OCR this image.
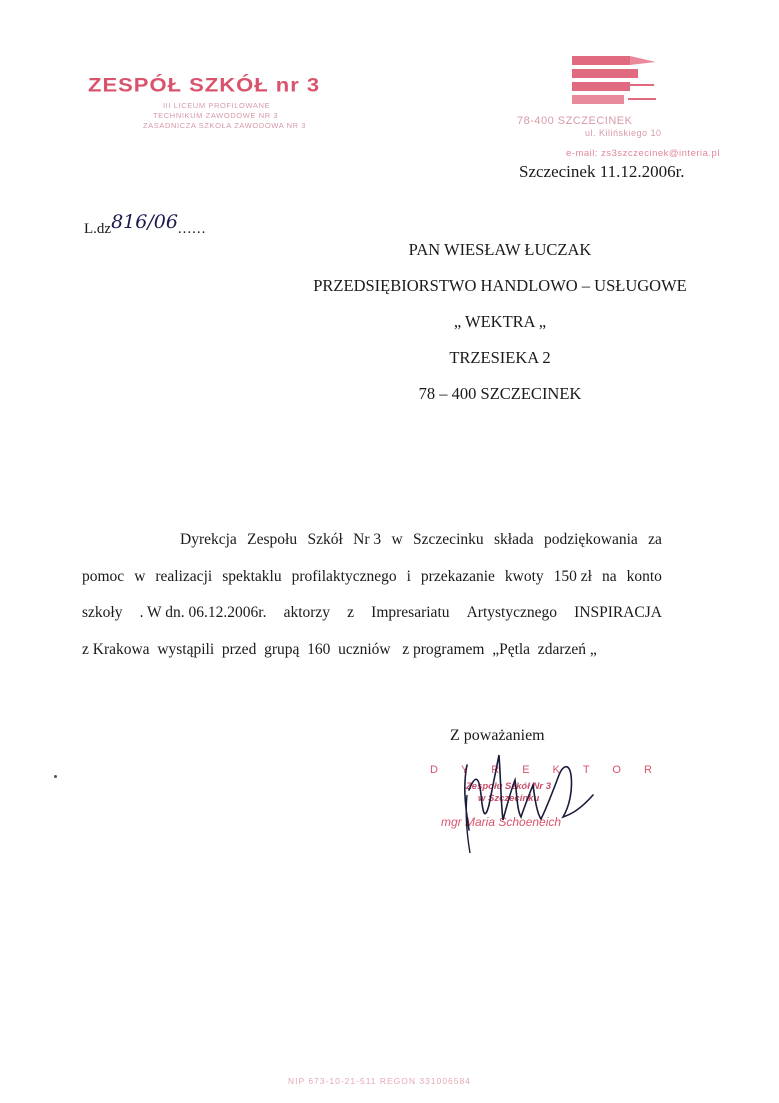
ZESPÓŁ SZKÓŁ nr 3
III LICEUM PROFILOWANE
TECHNIKUM ZAWODOWE NR 3
ZASADNICZA SZKOŁA ZAWODOWA NR 3	78-400 SZCZECINEK
ul. Kilińskiego 10
e-mail: zs3szczecinek@interia.pl
Szczecinek 11.12.2006r.
L.dz816/06......
PAN WIESŁAW ŁUCZAK
PRZEDSIĘBIORSTWO HANDLOWO – USŁUGOWE
„ WEKTRA „
TRZESIEKA 2
78 – 400 SZCZECINEK
Dyrekcja Zespołu Szkół Nr 3 w Szczecinku składa podziękowania za
pomoc w realizacji spektaklu profilaktycznego i przekazanie kwoty 150 zł na konto
szkoły . W dn. 06.12.2006r. aktorzy z Impresariatu Artystycznego INSPIRACJA
z Krakowa  wystąpili  przed  grupą  160  uczniów   z programem  „Pętla  zdarzeń „
Z poważaniem
DYREKTOR
Zespołu Szkół Nr 3
w Szczecinku
mgr Maria Schoeneich
NIP 673-10-21-511 REGON 331006584
